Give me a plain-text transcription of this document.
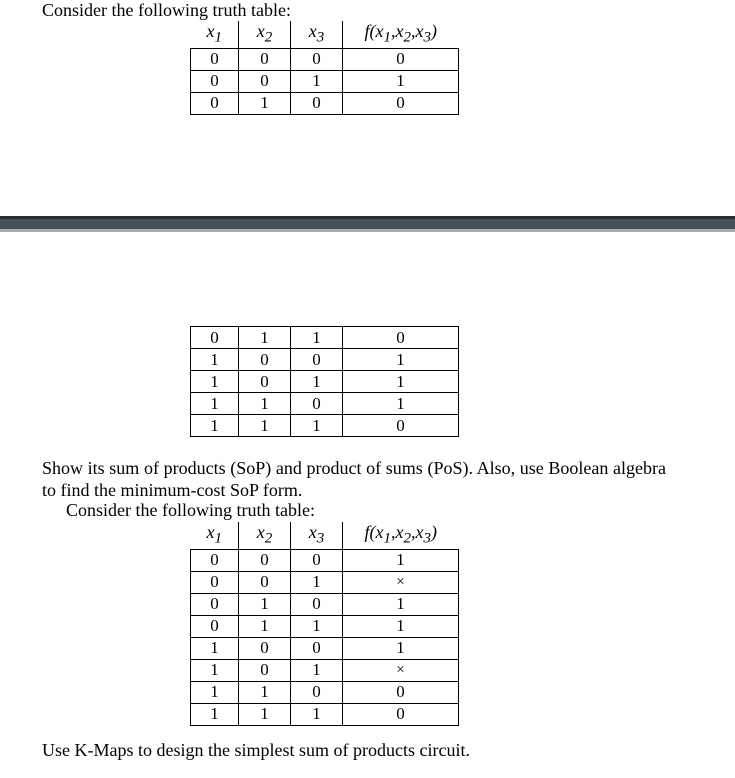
Consider the following truth table:
$x_1$	$x_2$	$x_3$	$f(x_1,x_2,x_3)$
0	0	0	0
0	0	1	1
0	1	0	0
0	1	1	0
1	0	0	1
1	0	1	1
1	1	0	1
1	1	1	0
Show its sum of products (SoP) and product of sums (PoS). Also, use Boolean algebra to find the minimum-cost SoP form.
Consider the following truth table:
$x_1$	$x_2$	$x_3$	$f(x_1,x_2,x_3)$
0	0	0	1
0	0	1	×
0	1	0	1
0	1	1	1
1	0	0	1
1	0	1	×
1	1	0	0
1	1	1	0
Use K-Maps to design the simplest sum of products circuit.
